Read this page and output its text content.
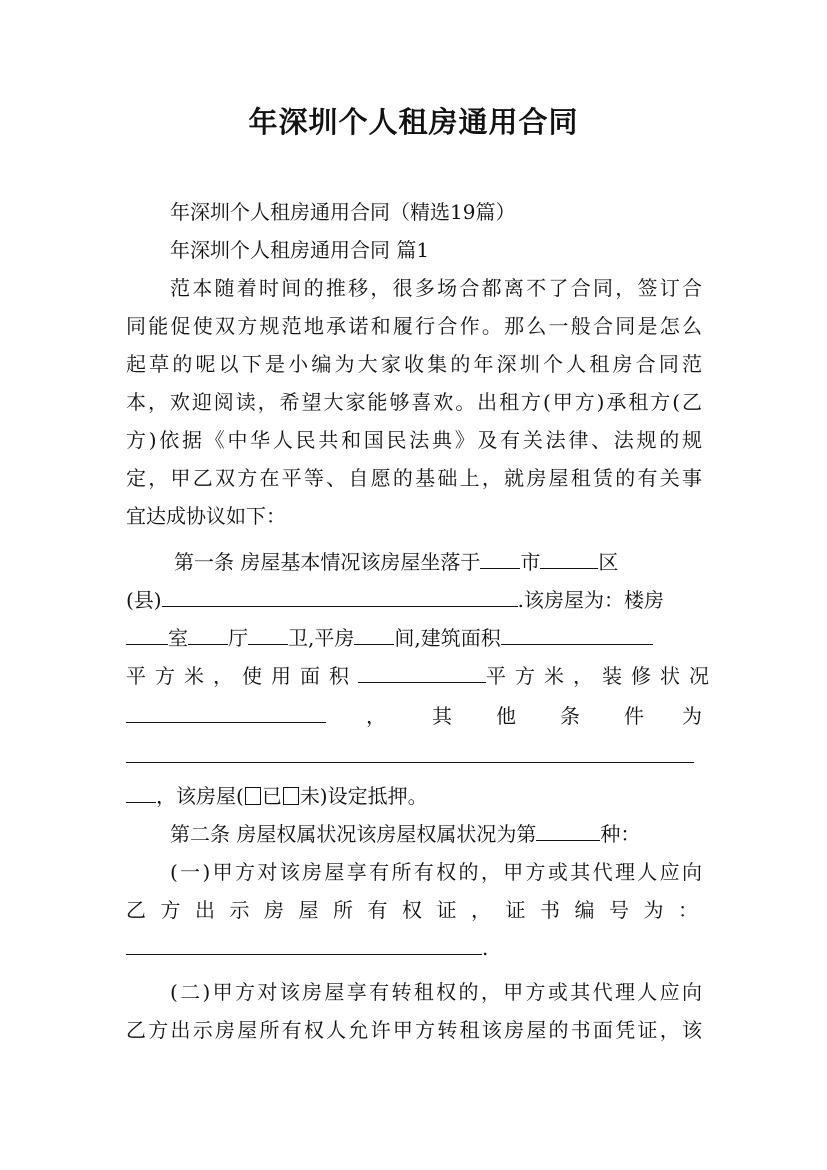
年深圳个人租房通用合同
年深圳个人租房通用合同（精选19篇）
年深圳个人租房通用合同 篇1
范本随着时间的推移，很多场合都离不了合同，签订合
同能促使双方规范地承诺和履行合作。那么一般合同是怎么
起草的呢以下是小编为大家收集的年深圳个人租房合同范
本，欢迎阅读，希望大家能够喜欢。出租方(甲方)承租方(乙
方)依据《中华人民共和国民法典》及有关法律、法规的规
定，甲乙双方在平等、自愿的基础上，就房屋租赁的有关事
宜达成协议如下：
第一条 房屋基本情况该房屋坐落于 市	区
(县)	.该房屋为：楼房
室 厅 卫,平房 间,建筑面积
平方米，使用面积	平方米，装修状况
， 其 他 条 件 为
，该房屋( 已 未)设定抵押。
第二条 房屋权属状况该房屋权属状况为第	种：
(一)甲方对该房屋享有所有权的，甲方或其代理人应向
乙方出示房屋所有权证，证书编号为：
.
(二)甲方对该房屋享有转租权的，甲方或其代理人应向
乙方出示房屋所有权人允许甲方转租该房屋的书面凭证，该
